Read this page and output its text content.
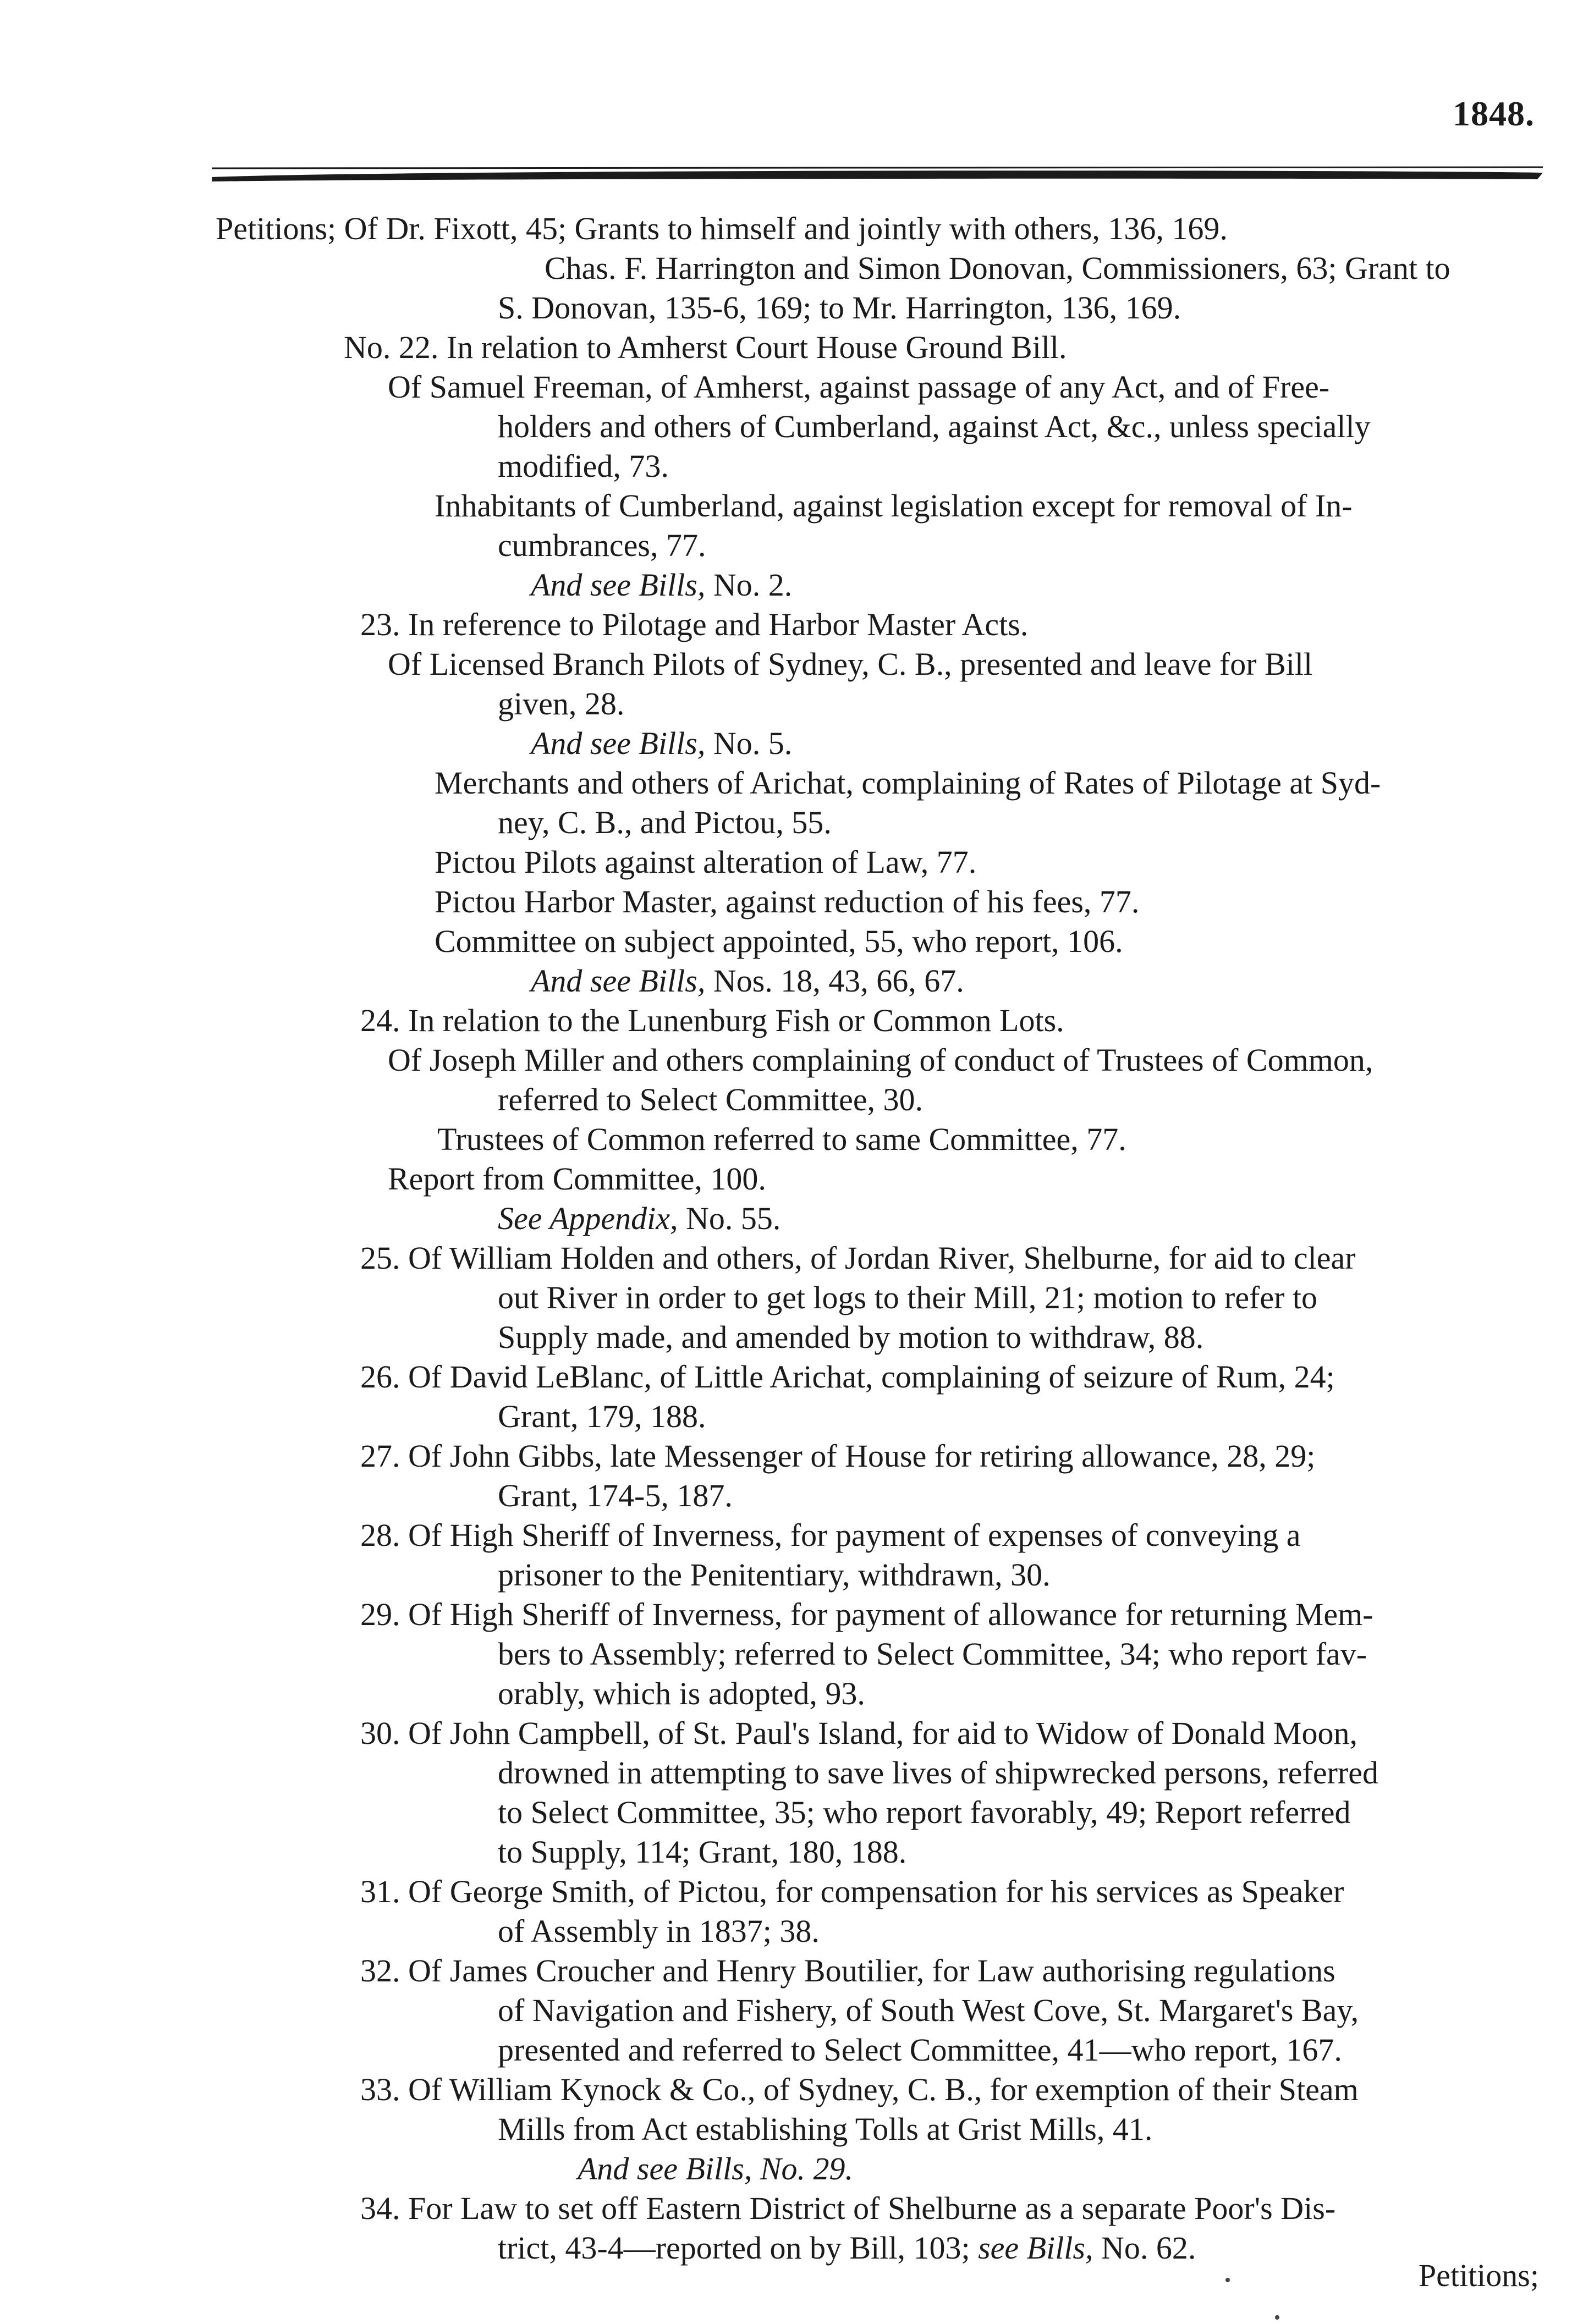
1848.
Petitions; Of Dr. Fixott, 45; Grants to himself and jointly with others, 136, 169.
Chas. F. Harrington and Simon Donovan, Commissioners, 63; Grant to
S. Donovan, 135-6, 169; to Mr. Harrington, 136, 169.
No. 22. In relation to Amherst Court House Ground Bill.
Of Samuel Freeman, of Amherst, against passage of any Act, and of Free-
holders and others of Cumberland, against Act, &c., unless specially
modified, 73.
Inhabitants of Cumberland, against legislation except for removal of In-
cumbrances, 77.
And see Bills, No. 2.
23. In reference to Pilotage and Harbor Master Acts.
Of Licensed Branch Pilots of Sydney, C. B., presented and leave for Bill
given, 28.
And see Bills, No. 5.
Merchants and others of Arichat, complaining of Rates of Pilotage at Syd-
ney, C. B., and Pictou, 55.
Pictou Pilots against alteration of Law, 77.
Pictou Harbor Master, against reduction of his fees, 77.
Committee on subject appointed, 55, who report, 106.
And see Bills, Nos. 18, 43, 66, 67.
24. In relation to the Lunenburg Fish or Common Lots.
Of Joseph Miller and others complaining of conduct of Trustees of Common,
referred to Select Committee, 30.
Trustees of Common referred to same Committee, 77.
Report from Committee, 100.
See Appendix, No. 55.
25. Of William Holden and others, of Jordan River, Shelburne, for aid to clear
out River in order to get logs to their Mill, 21; motion to refer to
Supply made, and amended by motion to withdraw, 88.
26. Of David LeBlanc, of Little Arichat, complaining of seizure of Rum, 24;
Grant, 179, 188.
27. Of John Gibbs, late Messenger of House for retiring allowance, 28, 29;
Grant, 174-5, 187.
28. Of High Sheriff of Inverness, for payment of expenses of conveying a
prisoner to the Penitentiary, withdrawn, 30.
29. Of High Sheriff of Inverness, for payment of allowance for returning Mem-
bers to Assembly; referred to Select Committee, 34; who report fav-
orably, which is adopted, 93.
30. Of John Campbell, of St. Paul's Island, for aid to Widow of Donald Moon,
drowned in attempting to save lives of shipwrecked persons, referred
to Select Committee, 35; who report favorably, 49; Report referred
to Supply, 114; Grant, 180, 188.
31. Of George Smith, of Pictou, for compensation for his services as Speaker
of Assembly in 1837; 38.
32. Of James Croucher and Henry Boutilier, for Law authorising regulations
of Navigation and Fishery, of South West Cove, St. Margaret's Bay,
presented and referred to Select Committee, 41—who report, 167.
33. Of William Kynock & Co., of Sydney, C. B., for exemption of their Steam
Mills from Act establishing Tolls at Grist Mills, 41.
And see Bills, No. 29.
34. For Law to set off Eastern District of Shelburne as a separate Poor's Dis-
trict, 43-4—reported on by Bill, 103; see Bills, No. 62.
Petitions;
